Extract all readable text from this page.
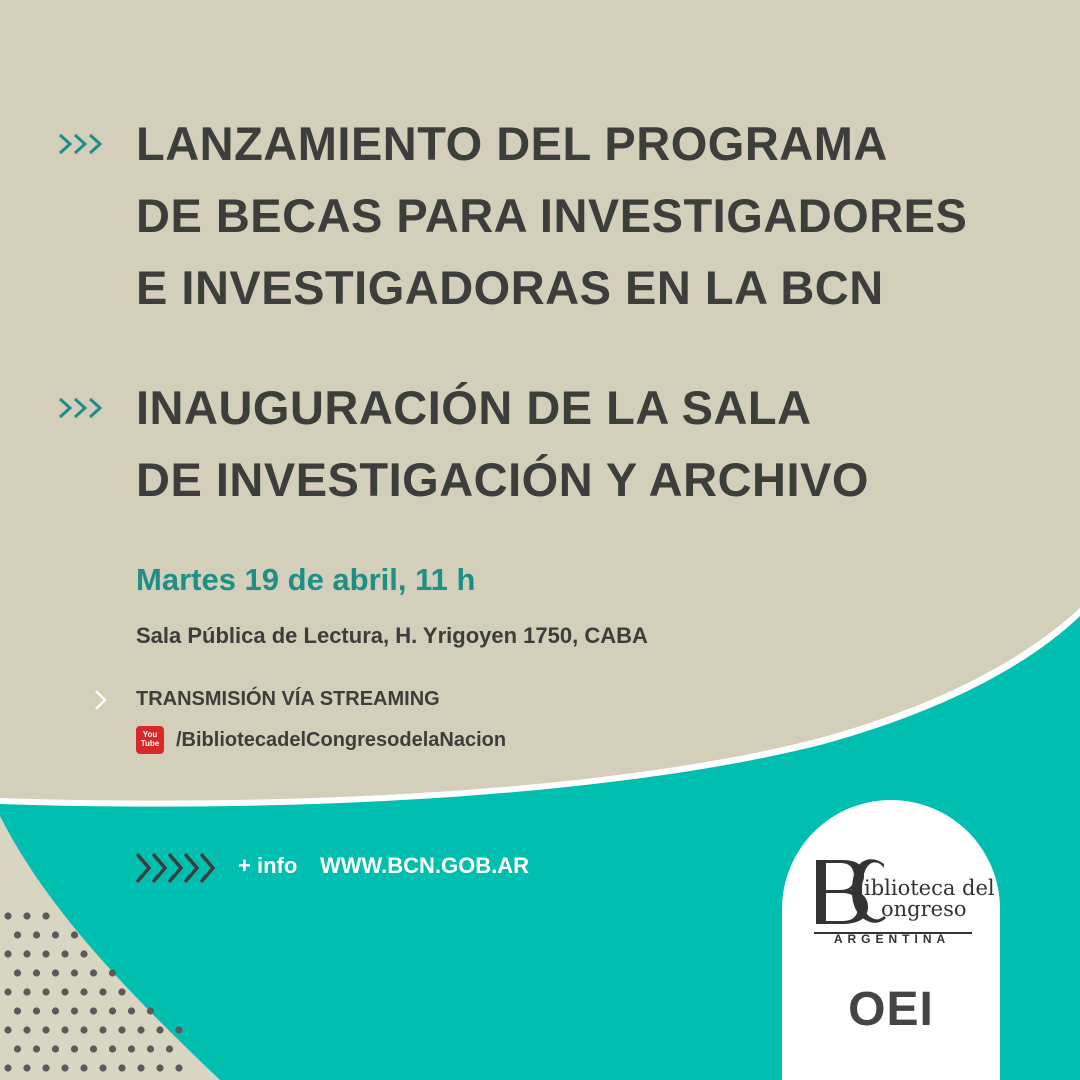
LANZAMIENTO DEL PROGRAMA
DE BECAS PARA INVESTIGADORES
E INVESTIGADORAS EN LA BCN
INAUGURACIÓN DE LA SALA
DE INVESTIGACIÓN Y ARCHIVO
Martes 19 de abril, 11 h
Sala Pública de Lectura, H. Yrigoyen 1750, CABA
TRANSMISIÓN VÍA STREAMING
You
Tube /BibliotecadelCongresodelaNacion
+ info WWW.BCN.GOB.AR
iblioteca del
ongreso
ARGENTINA
OEI
